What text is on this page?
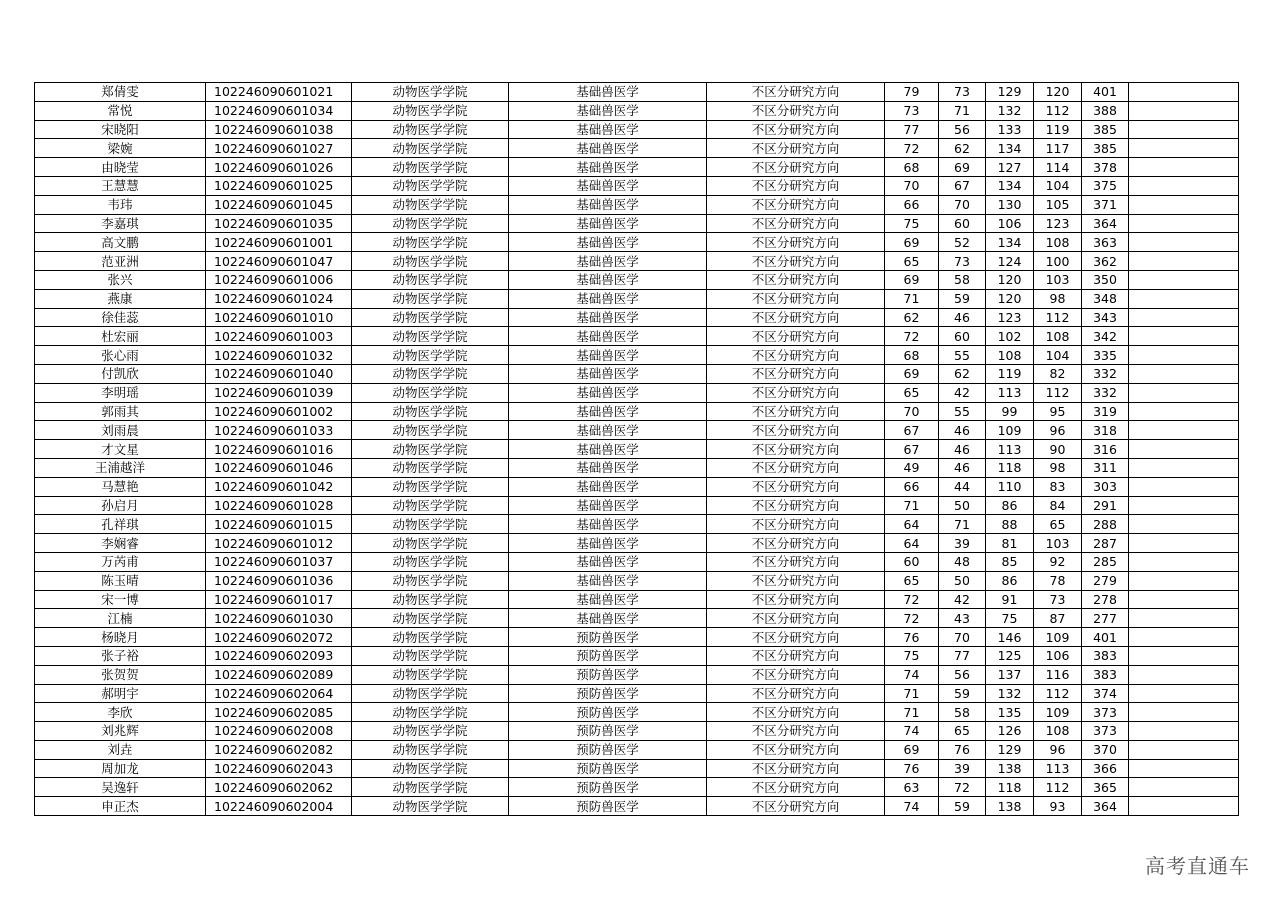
郑倩雯	102246090601021	动物医学学院	基础兽医学	不区分研究方向	79	73	129	120	401	
常悦	102246090601034	动物医学学院	基础兽医学	不区分研究方向	73	71	132	112	388	
宋晓阳	102246090601038	动物医学学院	基础兽医学	不区分研究方向	77	56	133	119	385	
梁婉	102246090601027	动物医学学院	基础兽医学	不区分研究方向	72	62	134	117	385	
由晓莹	102246090601026	动物医学学院	基础兽医学	不区分研究方向	68	69	127	114	378	
王慧慧	102246090601025	动物医学学院	基础兽医学	不区分研究方向	70	67	134	104	375	
韦玮	102246090601045	动物医学学院	基础兽医学	不区分研究方向	66	70	130	105	371	
李嘉琪	102246090601035	动物医学学院	基础兽医学	不区分研究方向	75	60	106	123	364	
高文鹏	102246090601001	动物医学学院	基础兽医学	不区分研究方向	69	52	134	108	363	
范亚洲	102246090601047	动物医学学院	基础兽医学	不区分研究方向	65	73	124	100	362	
张兴	102246090601006	动物医学学院	基础兽医学	不区分研究方向	69	58	120	103	350	
燕康	102246090601024	动物医学学院	基础兽医学	不区分研究方向	71	59	120	98	348	
徐佳蕊	102246090601010	动物医学学院	基础兽医学	不区分研究方向	62	46	123	112	343	
杜宏丽	102246090601003	动物医学学院	基础兽医学	不区分研究方向	72	60	102	108	342	
张心雨	102246090601032	动物医学学院	基础兽医学	不区分研究方向	68	55	108	104	335	
付凯欣	102246090601040	动物医学学院	基础兽医学	不区分研究方向	69	62	119	82	332	
李明瑶	102246090601039	动物医学学院	基础兽医学	不区分研究方向	65	42	113	112	332	
郭雨其	102246090601002	动物医学学院	基础兽医学	不区分研究方向	70	55	99	95	319	
刘雨晨	102246090601033	动物医学学院	基础兽医学	不区分研究方向	67	46	109	96	318	
才文星	102246090601016	动物医学学院	基础兽医学	不区分研究方向	67	46	113	90	316	
王浦越洋	102246090601046	动物医学学院	基础兽医学	不区分研究方向	49	46	118	98	311	
马慧艳	102246090601042	动物医学学院	基础兽医学	不区分研究方向	66	44	110	83	303	
孙启月	102246090601028	动物医学学院	基础兽医学	不区分研究方向	71	50	86	84	291	
孔祥琪	102246090601015	动物医学学院	基础兽医学	不区分研究方向	64	71	88	65	288	
李娴睿	102246090601012	动物医学学院	基础兽医学	不区分研究方向	64	39	81	103	287	
万芮甫	102246090601037	动物医学学院	基础兽医学	不区分研究方向	60	48	85	92	285	
陈玉晴	102246090601036	动物医学学院	基础兽医学	不区分研究方向	65	50	86	78	279	
宋一博	102246090601017	动物医学学院	基础兽医学	不区分研究方向	72	42	91	73	278	
江楠	102246090601030	动物医学学院	基础兽医学	不区分研究方向	72	43	75	87	277	
杨晓月	102246090602072	动物医学学院	预防兽医学	不区分研究方向	76	70	146	109	401	
张子裕	102246090602093	动物医学学院	预防兽医学	不区分研究方向	75	77	125	106	383	
张贺贺	102246090602089	动物医学学院	预防兽医学	不区分研究方向	74	56	137	116	383	
郝明宇	102246090602064	动物医学学院	预防兽医学	不区分研究方向	71	59	132	112	374	
李欣	102246090602085	动物医学学院	预防兽医学	不区分研究方向	71	58	135	109	373	
刘兆辉	102246090602008	动物医学学院	预防兽医学	不区分研究方向	74	65	126	108	373	
刘垚	102246090602082	动物医学学院	预防兽医学	不区分研究方向	69	76	129	96	370	
周加龙	102246090602043	动物医学学院	预防兽医学	不区分研究方向	76	39	138	113	366	
吴逸轩	102246090602062	动物医学学院	预防兽医学	不区分研究方向	63	72	118	112	365	
申正杰	102246090602004	动物医学学院	预防兽医学	不区分研究方向	74	59	138	93	364	
高考直通车
